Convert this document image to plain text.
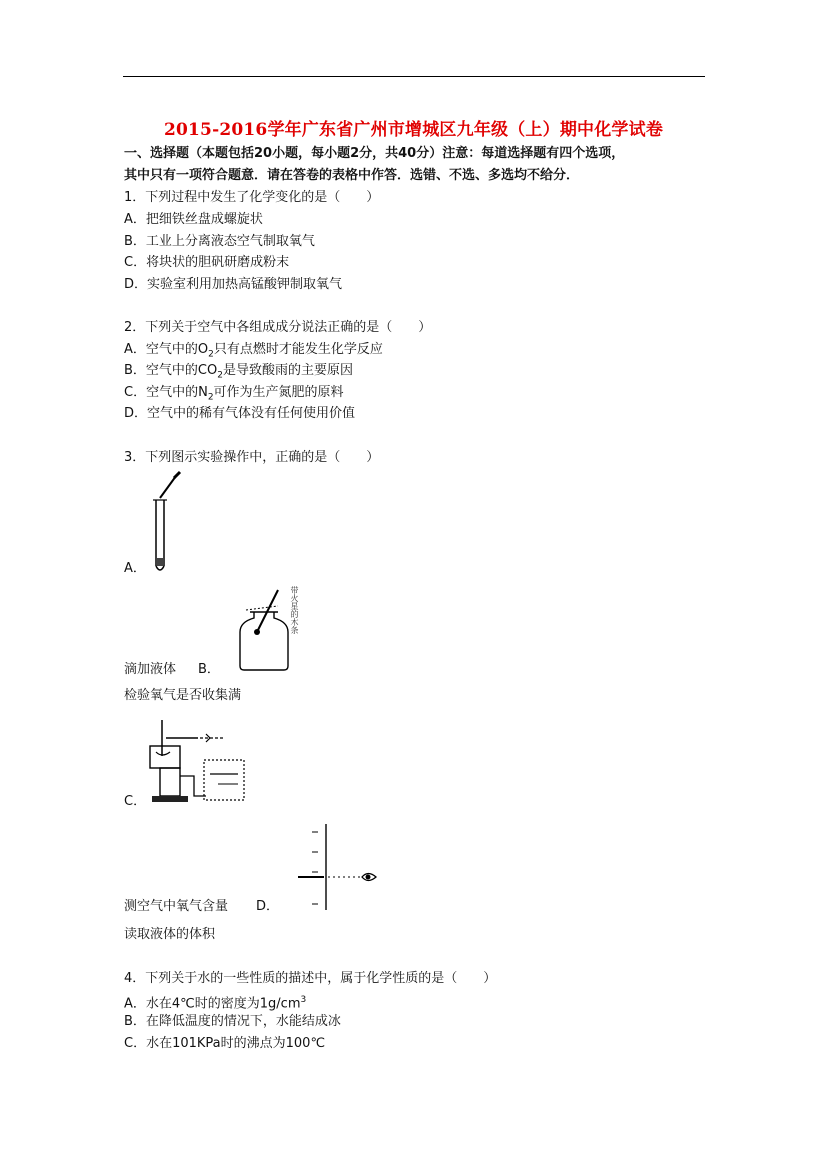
2015-2016学年广东省广州市增城区九年级（上）期中化学试卷
一、选择题（本题包括20小题，每小题2分，共40分）注意：每道选择题有四个选项，
其中只有一项符合题意．请在答卷的表格中作答．选错、不选、多选均不给分．
1．下列过程中发生了化学变化的是（　　）
A．把细铁丝盘成螺旋状
B．工业上分离液态空气制取氧气
C．将块状的胆矾研磨成粉末
D．实验室利用加热高锰酸钾制取氧气
2．下列关于空气中各组成成分说法正确的是（　　）
A．空气中的$O_2$只有点燃时才能发生化学反应
B．空气中的$CO_2$是导致酸雨的主要原因
C．空气中的$N_2$可作为生产氮肥的原料
D．空气中的稀有气体没有任何使用价值
3．下列图示实验操作中，正确的是（　　）
A．
带火星的木条
滴加液体 B．
检验氧气是否收集满
C．
测空气中氧气含量 D．
读取液体的体积
4．下列关于水的一些性质的描述中，属于化学性质的是（　　）
A．水在4℃时的密度为$1g/cm^3$
B．在降低温度的情况下，水能结成冰
C．水在101KPa时的沸点为100℃
